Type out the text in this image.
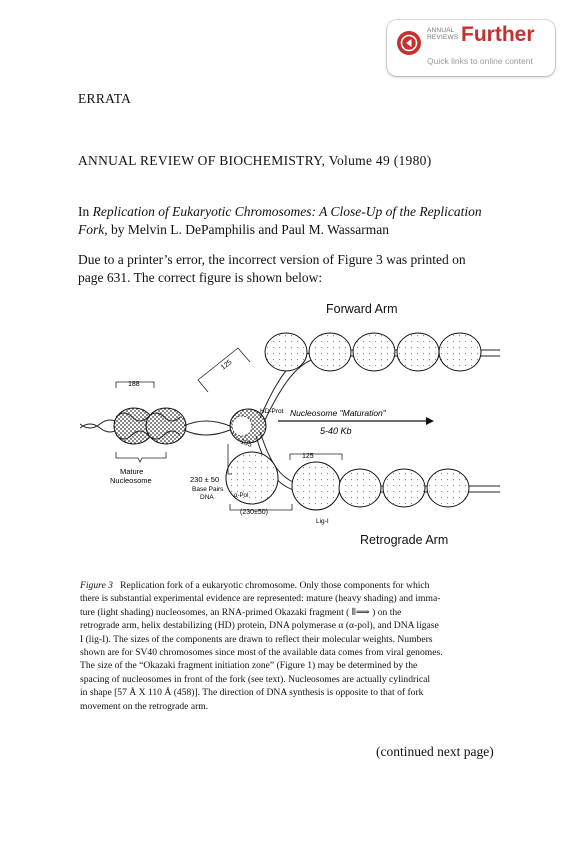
ANNUAL
REVIEWS Further
Quick links to online content
ERRATA
ANNUAL REVIEW OF BIOCHEMISTRY, Volume 49 (1980)
In Replication of Eukaryotic Chromosomes: A Close-Up of the Replication
Fork, by Melvin L. DePamphilis and Paul M. Wassarman
Due to a printer’s error, the incorrect version of Figure 3 was printed on
page 631. The correct figure is shown below:
Forward Arm
Retrograde Arm
188
Mature
Nucleosome
125
HD-Prot Nucleosome "Maturation"
5-40 Kb
135
125
230 ± 50
Base Pairs
DNA	α-Pol
(230±50)
Lig-I
Figure 3 Replication fork of a eukaryotic chromosome. Only those components for which
there is substantial experimental evidence are represented: mature (heavy shading) and imma-
ture (light shading) nucleosomes, an RNA-primed Okazaki fragment ( ⦀⟹ ) on the
retrograde arm, helix destabilizing (HD) protein, DNA polymerase α (α-pol), and DNA ligase
I (lig-I). The sizes of the components are drawn to reflect their molecular weights. Numbers
shown are for SV40 chromosomes since most of the available data comes from viral genomes.
The size of the “Okazaki fragment initiation zone” (Figure 1) may be determined by the
spacing of nucleosomes in front of the fork (see text). Nucleosomes are actually cylindrical
in shape [57 Å X 110 Å (458)]. The direction of DNA synthesis is opposite to that of fork
movement on the retrograde arm.
(continued next page)
